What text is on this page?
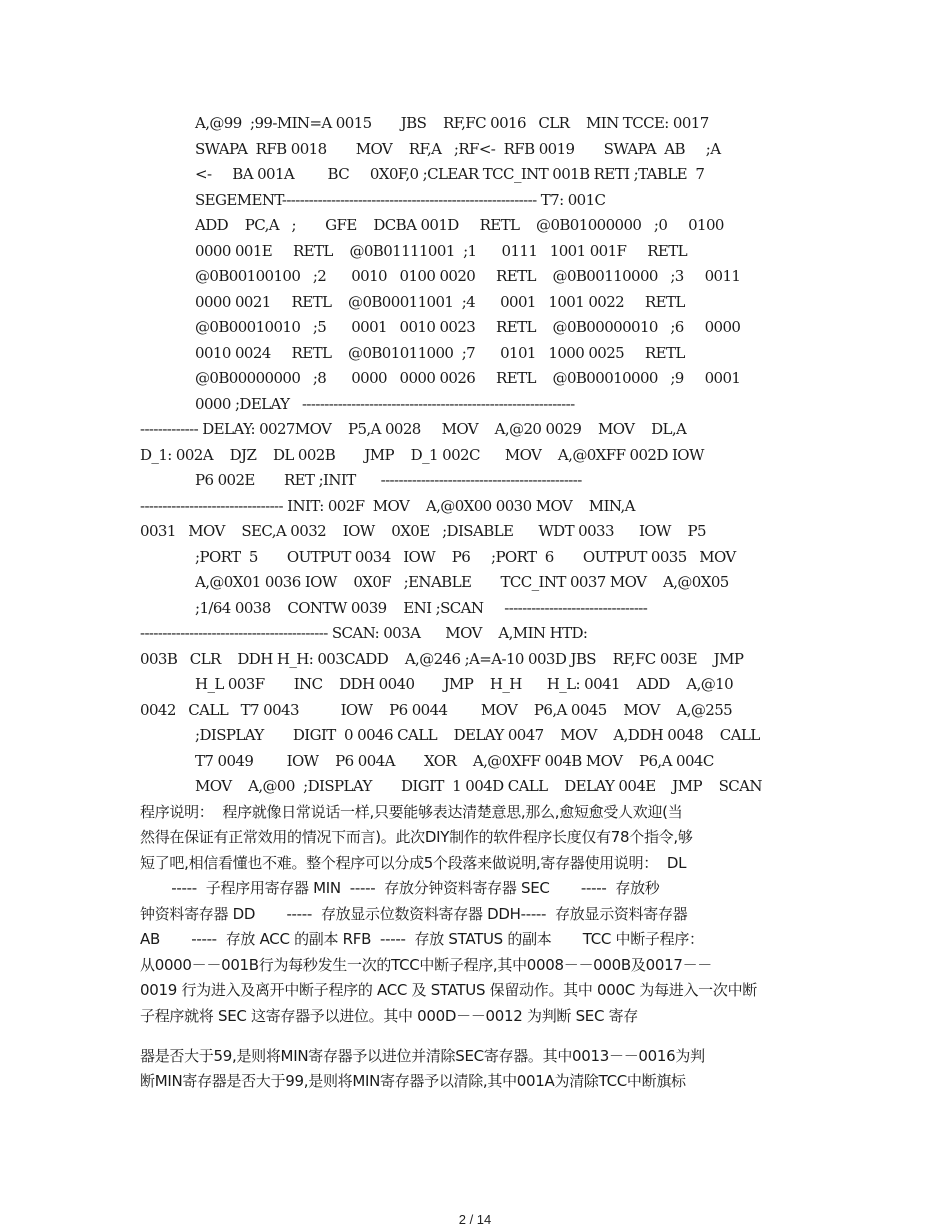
A,@99  ;99-MIN=A 0015       JBS    RF,FC 0016   CLR    MIN TCCE: 0017
SWAPA  RFB 0018       MOV    RF,A   ;RF<-  RFB 0019       SWAPA  AB     ;A
<-     BA 001A        BC     0X0F,0 ;CLEAR TCC_INT 001B RETI ;TABLE  7
SEGEMENT--------------------------------------------------------- T7: 001C
ADD    PC,A   ;       GFE    DCBA 001D     RETL    @0B01000000   ;0     0100
0000 001E     RETL    @0B01111001  ;1      0111   1001 001F     RETL
@0B00100100   ;2      0010   0100 0020     RETL    @0B00110000   ;3     0011
0000 0021     RETL    @0B00011001  ;4      0001   1001 0022     RETL
@0B00010010   ;5      0001   0010 0023     RETL    @0B00000010   ;6     0000
0010 0024     RETL    @0B01011000  ;7      0101   1000 0025     RETL
@0B00000000   ;8      0000   0000 0026     RETL    @0B00010000   ;9     0001
0000 ;DELAY   -------------------------------------------------------------
------------- DELAY: 0027MOV    P5,A 0028     MOV    A,@20 0029    MOV    DL,A
D_1: 002A    DJZ    DL 002B       JMP    D_1 002C      MOV    A,@0XFF 002D IOW
P6 002E       RET ;INIT      ---------------------------------------------
-------------------------------- INIT: 002F  MOV    A,@0X00 0030 MOV    MIN,A
0031   MOV    SEC,A 0032    IOW    0X0E   ;DISABLE      WDT 0033      IOW    P5
;PORT  5       OUTPUT 0034   IOW    P6     ;PORT  6       OUTPUT 0035   MOV
A,@0X01 0036 IOW    0X0F   ;ENABLE       TCC_INT 0037 MOV    A,@0X05
;1/64 0038    CONTW 0039    ENI ;SCAN     --------------------------------
------------------------------------------ SCAN: 003A      MOV    A,MIN HTD:
003B   CLR    DDH H_H: 003CADD    A,@246 ;A=A-10 003D JBS    RF,FC 003E    JMP
H_L 003F       INC    DDH 0040       JMP    H_H      H_L: 0041    ADD    A,@10
0042   CALL   T7 0043          IOW    P6 0044        MOV    P6,A 0045    MOV    A,@255
;DISPLAY       DIGIT  0 0046 CALL    DELAY 0047    MOV    A,DDH 0048    CALL
T7 0049        IOW    P6 004A       XOR    A,@0XFF 004B MOV    P6,A 004C
MOV    A,@00  ;DISPLAY       DIGIT  1 004D CALL    DELAY 004E    JMP    SCAN
程序说明：  程序就像日常说话一样,只要能够表达清楚意思,那么,愈短愈受人欢迎(当
然得在保证有正常效用的情况下而言)。此次DIY制作的软件程序长度仅有78个指令,够
短了吧,相信看懂也不难。整个程序可以分成5个段落来做说明,寄存器使用说明：  DL
-----  子程序用寄存器 MIN  -----  存放分钟资料寄存器 SEC       -----  存放秒
钟资料寄存器 DD       -----  存放显示位数资料寄存器 DDH-----  存放显示资料寄存器
AB       -----  存放 ACC 的副本 RFB  -----  存放 STATUS 的副本       TCC 中断子程序：
从0000－－001B行为每秒发生一次的TCC中断子程序,其中0008－－000B及0017－－
0019 行为进入及离开中断子程序的 ACC 及 STATUS 保留动作。其中 000C 为每进入一次中断
子程序就将 SEC 这寄存器予以进位。其中 000D－－0012 为判断 SEC 寄存
器是否大于59,是则将MIN寄存器予以进位并清除SEC寄存器。其中0013－－0016为判
断MIN寄存器是否大于99,是则将MIN寄存器予以清除,其中001A为清除TCC中断旗标
2 / 14
